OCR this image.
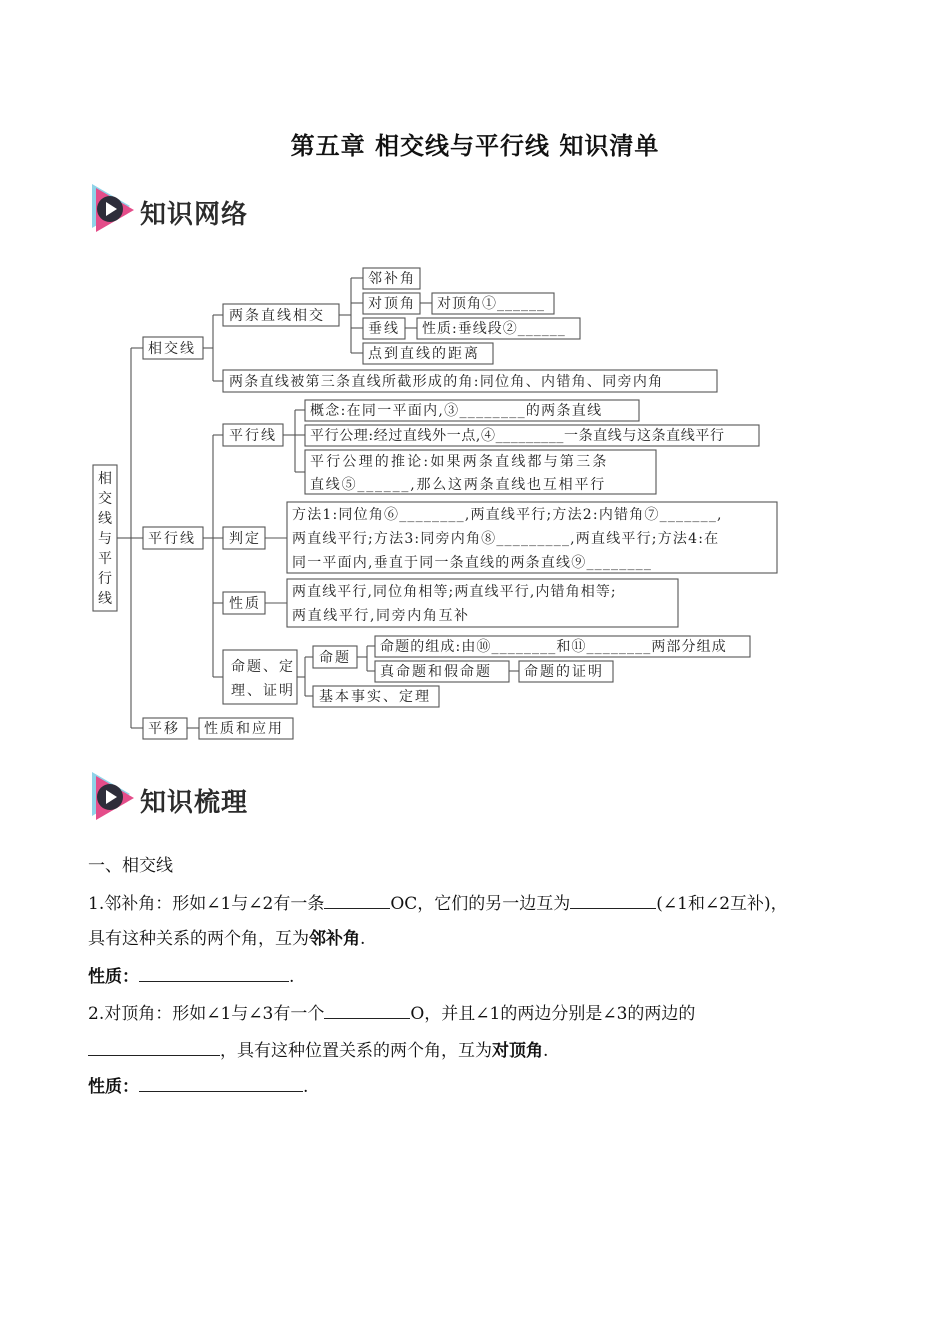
第五章 相交线与平行线 知识清单
知识网络
相交线与平行线
相交线
两条直线相交
邻补角
对顶角 对顶角①______
垂线 性质:垂线段②______
点到直线的距离
两条直线被第三条直线所截形成的角:同位角、内错角、同旁内角
平行线
平行线
概念:在同一平面内,③________的两条直线
平行公理:经过直线外一点,④_________一条直线与这条直线平行
平行公理的推论:如果两条直线都与第三条
直线⑤______,那么这两条直线也互相平行
判定
方法1:同位角⑥________,两直线平行;方法2:内错角⑦_______,
两直线平行;方法3:同旁内角⑧_________,两直线平行;方法4:在
同一平面内,垂直于同一条直线的两条直线⑨________
性质
两直线平行,同位角相等;两直线平行,内错角相等;
两直线平行,同旁内角互补
命题、定
理、证明
命题
命题的组成:由⑩________和⑪________两部分组成
真命题和假命题 命题的证明
基本事实、定理
平移 性质和应用
知识梳理
一、相交线
1.邻补角：形如∠1与∠2有一条	OC，它们的另一边互为	(∠1和∠2互补)，
具有这种关系的两个角，互为邻补角.
性质：	.
2.对顶角：形如∠1与∠3有一个	O，并且∠1的两边分别是∠3的两边的
，具有这种位置关系的两个角，互为对顶角.
性质：	.
